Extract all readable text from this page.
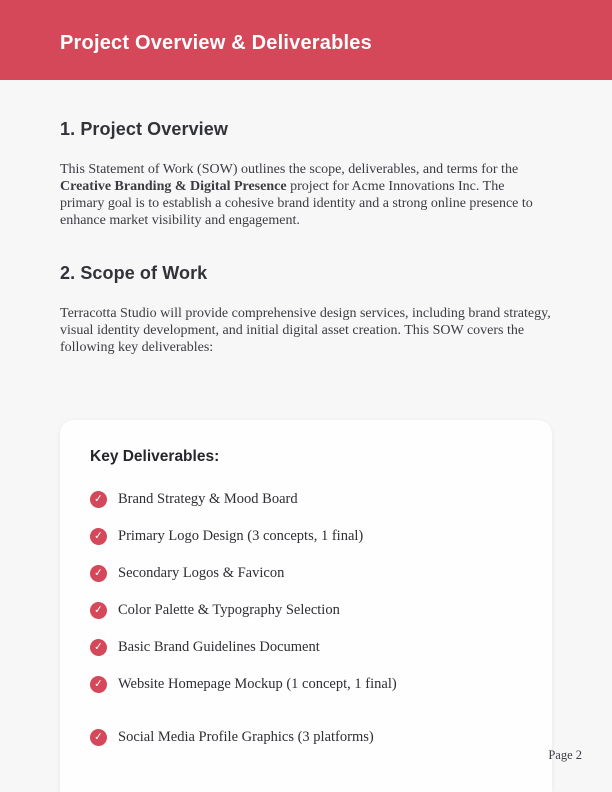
Project Overview & Deliverables
1. Project Overview

This Statement of Work (SOW) outlines the scope, deliverables, and terms for the Creative Branding & Digital Presence project for Acme Innovations Inc. The primary goal is to establish a cohesive brand identity and a strong online presence to enhance market visibility and engagement.

2. Scope of Work

Terracotta Studio will provide comprehensive design services, including brand strategy, visual identity development, and initial digital asset creation. This SOW covers the following key deliverables:

Key Deliverables:
✓ Brand Strategy & Mood Board
✓ Primary Logo Design (3 concepts, 1 final)
✓ Secondary Logos & Favicon
✓ Color Palette & Typography Selection
✓ Basic Brand Guidelines Document
✓ Website Homepage Mockup (1 concept, 1 final)
✓ Social Media Profile Graphics (3 platforms)
Page 2
